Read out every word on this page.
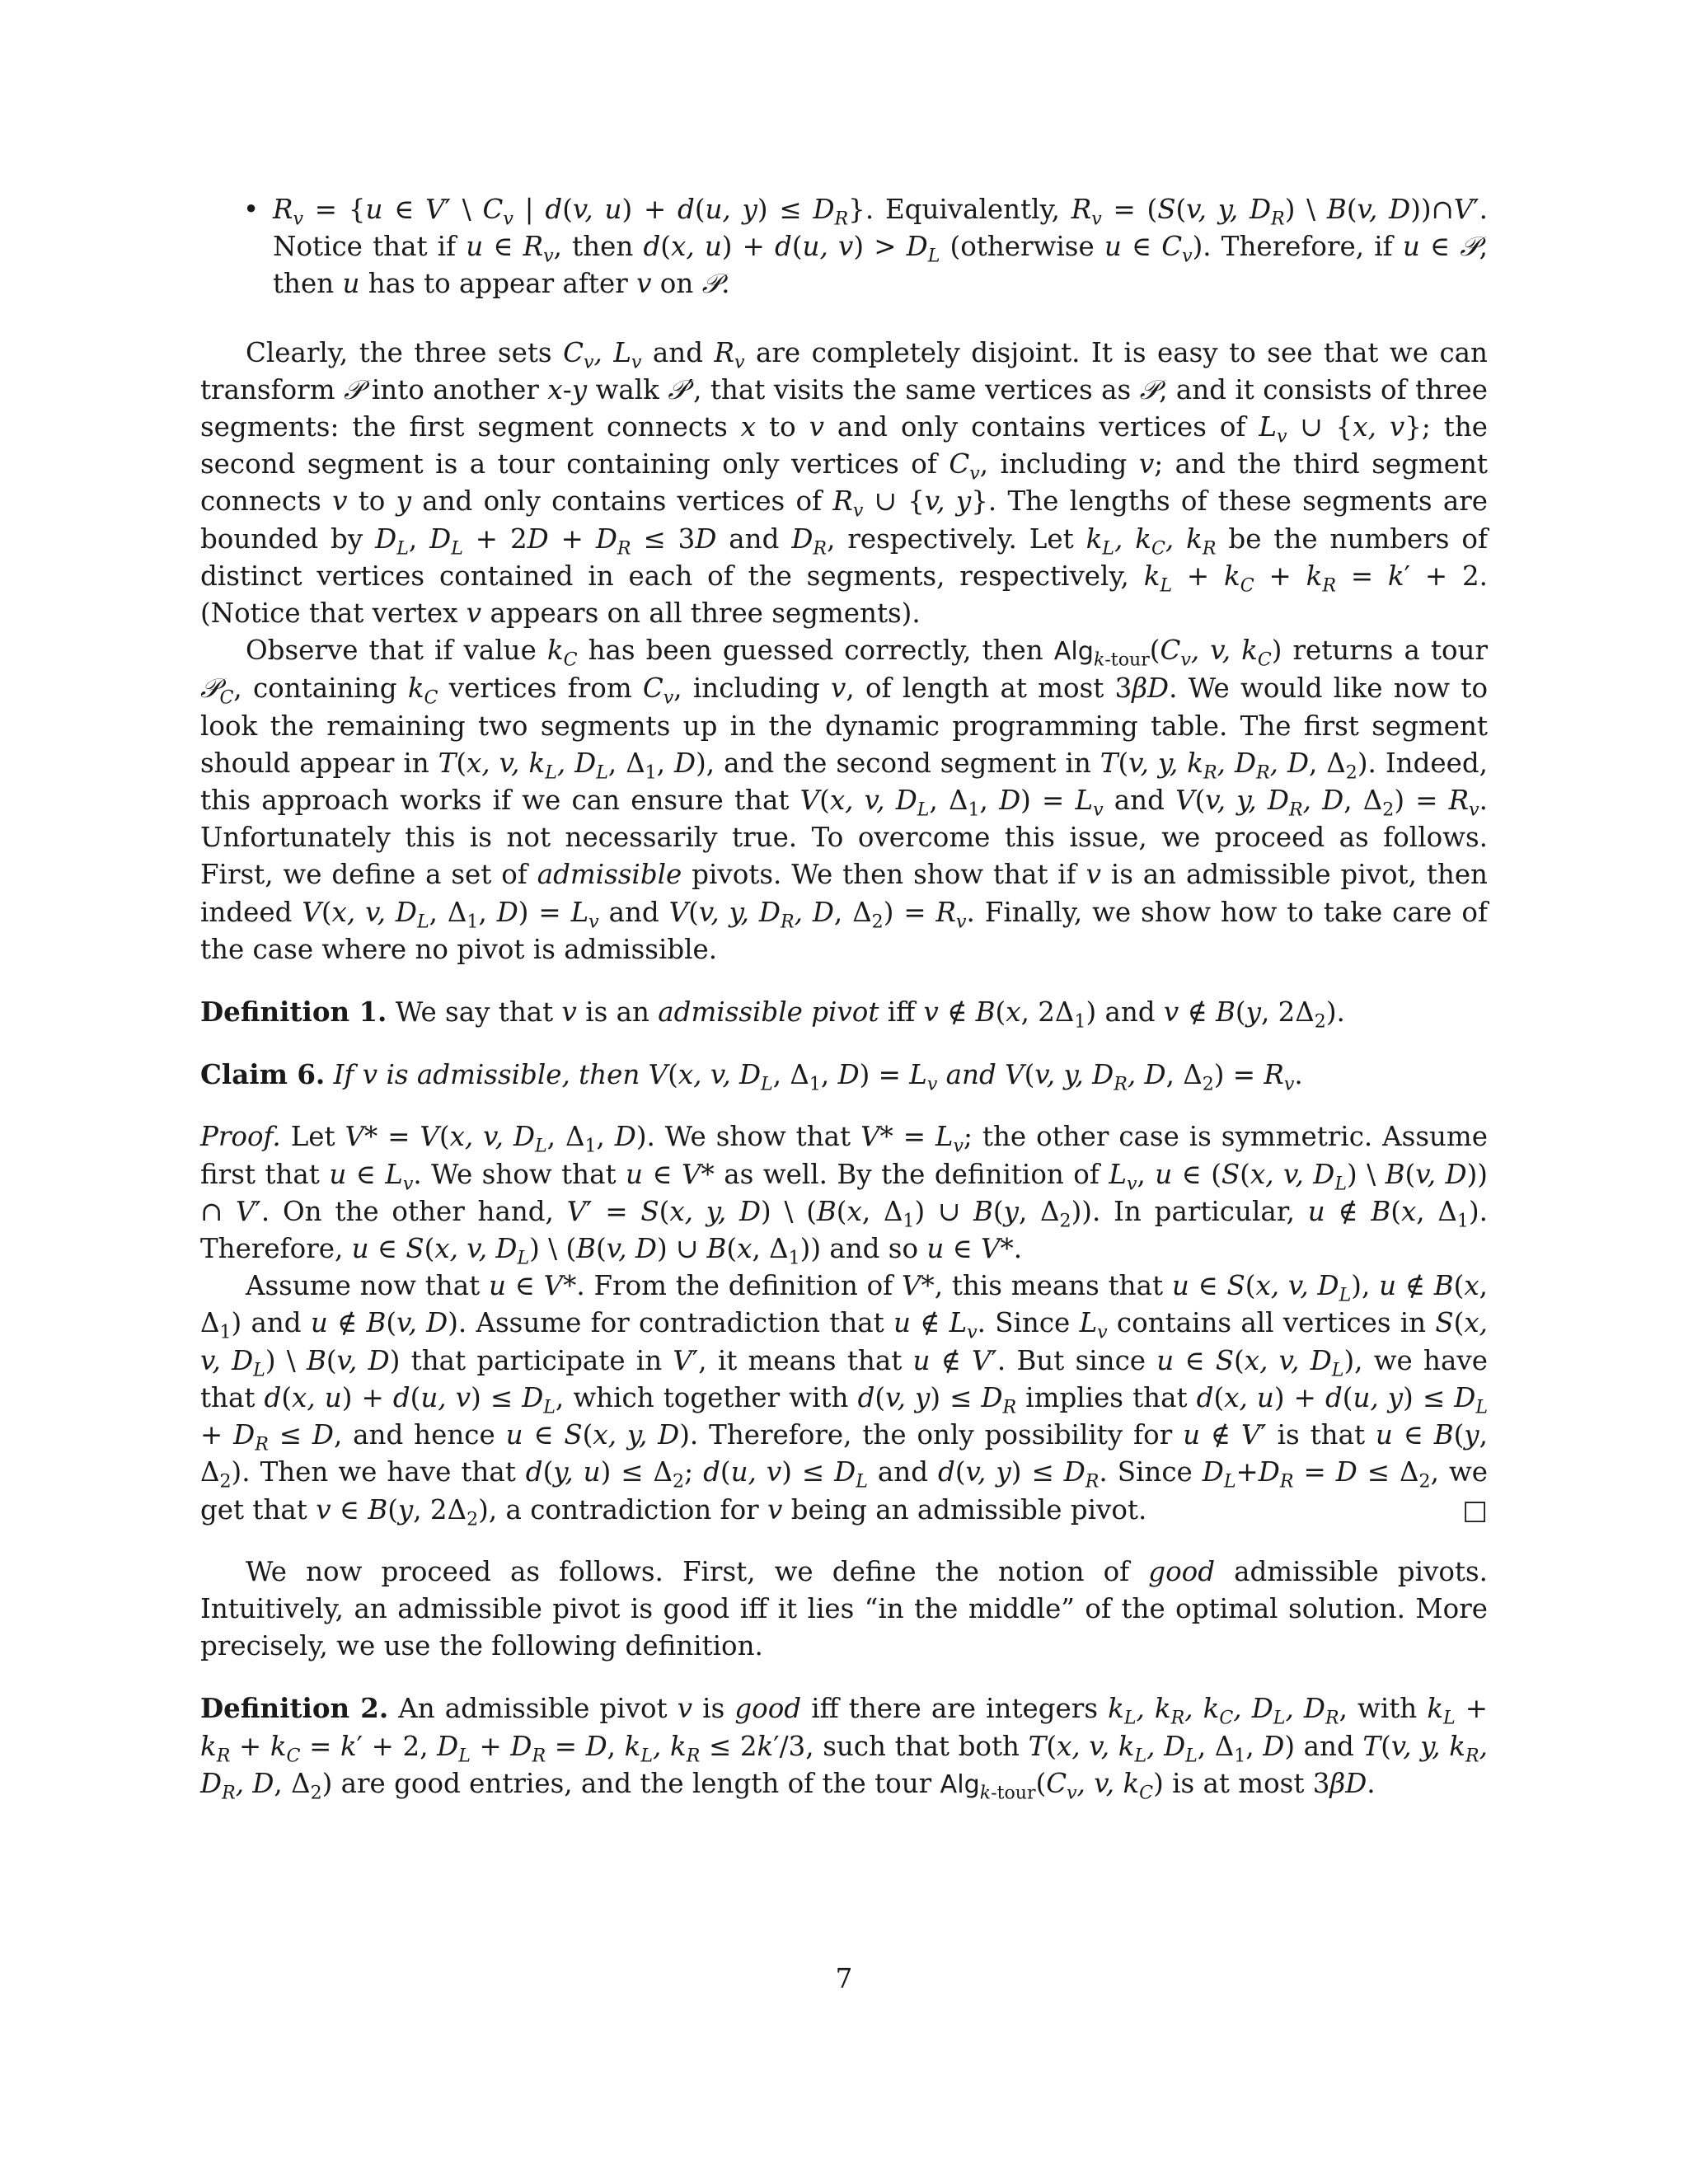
• $R_v = \{u$ ∈ V′ \ $C_v$ | d(v, u) + d(u, $y) \le D_R$}. Equivalently, $R_v = (S(v$, y, $D_R$) \ B(v, D))∩V′. Notice that if u ∈ $R_v$, then d(x, u) + d(u, $v) > D_L$ (otherwise u ∈ $C_v$). Therefore, if u ∈ 𝒫, then u has to appear after v on 𝒫.

Clearly, the three sets $C_v$, $L_v$ and $R_v$ are completely disjoint. It is easy to see that we can transform 𝒫 into another x-y walk 𝒫′, that visits the same vertices as 𝒫, and it consists of three segments: the first segment connects x to v and only contains vertices of $L_v$ ∪ {x, v}; the second segment is a tour containing only vertices of $C_v$, including v; and the third segment connects v to y and only contains vertices of $R_v$ ∪ {v, y}. The lengths of these segments are bounded by $D_L$, $D_L + 2D + D_R \le 3D$ and $D_R$, respectively. Let $k_L$, $k_C$, $k_R$ be the numbers of distinct vertices contained in each of the segments, respectively, $k_L + k_C + k_R = k' + 2$. (Notice that vertex v appears on all three segments).

Observe that if value $k_C$ has been guessed correctly, then $Alg_{k-tour}(C_v$, v, $k_C$) returns a tour 𝒫$_C$, containing $k_C$ vertices from $C_v$, including v, of length at most 3βD. We would like now to look the remaining two segments up in the dynamic programming table. The first segment should appear in T(x, v, $k_L$, $D_L$, $\Delta_1$, D), and the second segment in T(v, y, $k_R$, $D_R$, D, $\Delta_2$). Indeed, this approach works if we can ensure that V(x, v, $D_L$, $\Delta_1$, $D) = L_v$ and V(v, y, $D_R$, D, $\Delta_2) = R_v$. Unfortunately this is not necessarily true. To overcome this issue, we proceed as follows. First, we define a set of admissible pivots. We then show that if v is an admissible pivot, then indeed V(x, v, $D_L$, $\Delta_1$, $D) = L_v$ and V(v, y, $D_R$, D, $\Delta_2) = R_v$. Finally, we show how to take care of the case where no pivot is admissible.

Definition 1. We say that v is an admissible pivot iff v ∉ B(x, $2\Delta_1$) and v ∉ B(y, $2\Delta_2$).

Claim 6. If v is admissible, then V(x, v, $D_L$, $\Delta_1$, $D) = L_v$ and V(v, y, $D_R$, D, $\Delta_2) = R_v$.

Proof. Let V* = V(x, v, $D_L$, $\Delta_1$, D). We show that $V* = L_v$; the other case is symmetric. Assume first that u ∈ $L_v$. We show that u ∈ V* as well. By the definition of $L_v$, u ∈ (S(x, v, $D_L$) \ B(v, D)) ∩ V′. On the other hand, V′ = S(x, y, D) \ (B(x, $\Delta_1$) ∪ B(y, $\Delta_2$)). In particular, u ∉ B(x, $\Delta_1$). Therefore, u ∈ S(x, v, $D_L$) \ (B(v, D) ∪ B(x, $\Delta_1$)) and so u ∈ V*.

Assume now that u ∈ V*. From the definition of V*, this means that u ∈ S(x, v, $D_L$), u ∉ B(x, $\Delta_1$) and u ∉ B(v, D). Assume for contradiction that u ∉ $L_v$. Since $L_v$ contains all vertices in S(x, v, $D_L$) \ B(v, D) that participate in V′, it means that u ∉ V′. But since u ∈ S(x, v, $D_L$), we have that d(x, u) + d(u, $v) \le D_L$, which together with d(v, $y) \le D_R$ implies that d(x, u) + d(u, $y) \le D_L + D_R \le D$, and hence u ∈ S(x, y, D). Therefore, the only possibility for u ∉ V′ is that u ∈ B(y, $\Delta_2$). Then we have that d(y, $u) \le \Delta_2$; d(u, $v) \le D_L$ and d(v, $y) \le D_R$. Since $D_L+D_R = D \le \Delta_2$, we get that v ∈ B(y, $2\Delta_2$), a contradiction for v being an admissible pivot.	□

We now proceed as follows. First, we define the notion of good admissible pivots. Intuitively, an admissible pivot is good iff it lies “in the middle” of the optimal solution. More precisely, we use the following definition.

Definition 2. An admissible pivot v is good iff there are integers $k_L$, $k_R$, $k_C$, $D_L$, $D_R$, with $k_L + k_R + k_C = k' + 2$, $D_L + D_R = D$, $k_L$, $k_R \le 2k'/3$, such that both T(x, v, $k_L$, $D_L$, $\Delta_1$, D) and T(v, y, $k_R$, $D_R$, D, $\Delta_2$) are good entries, and the length of the tour $Alg_{k-tour}(C_v$, v, $k_C$) is at most 3βD.

7
